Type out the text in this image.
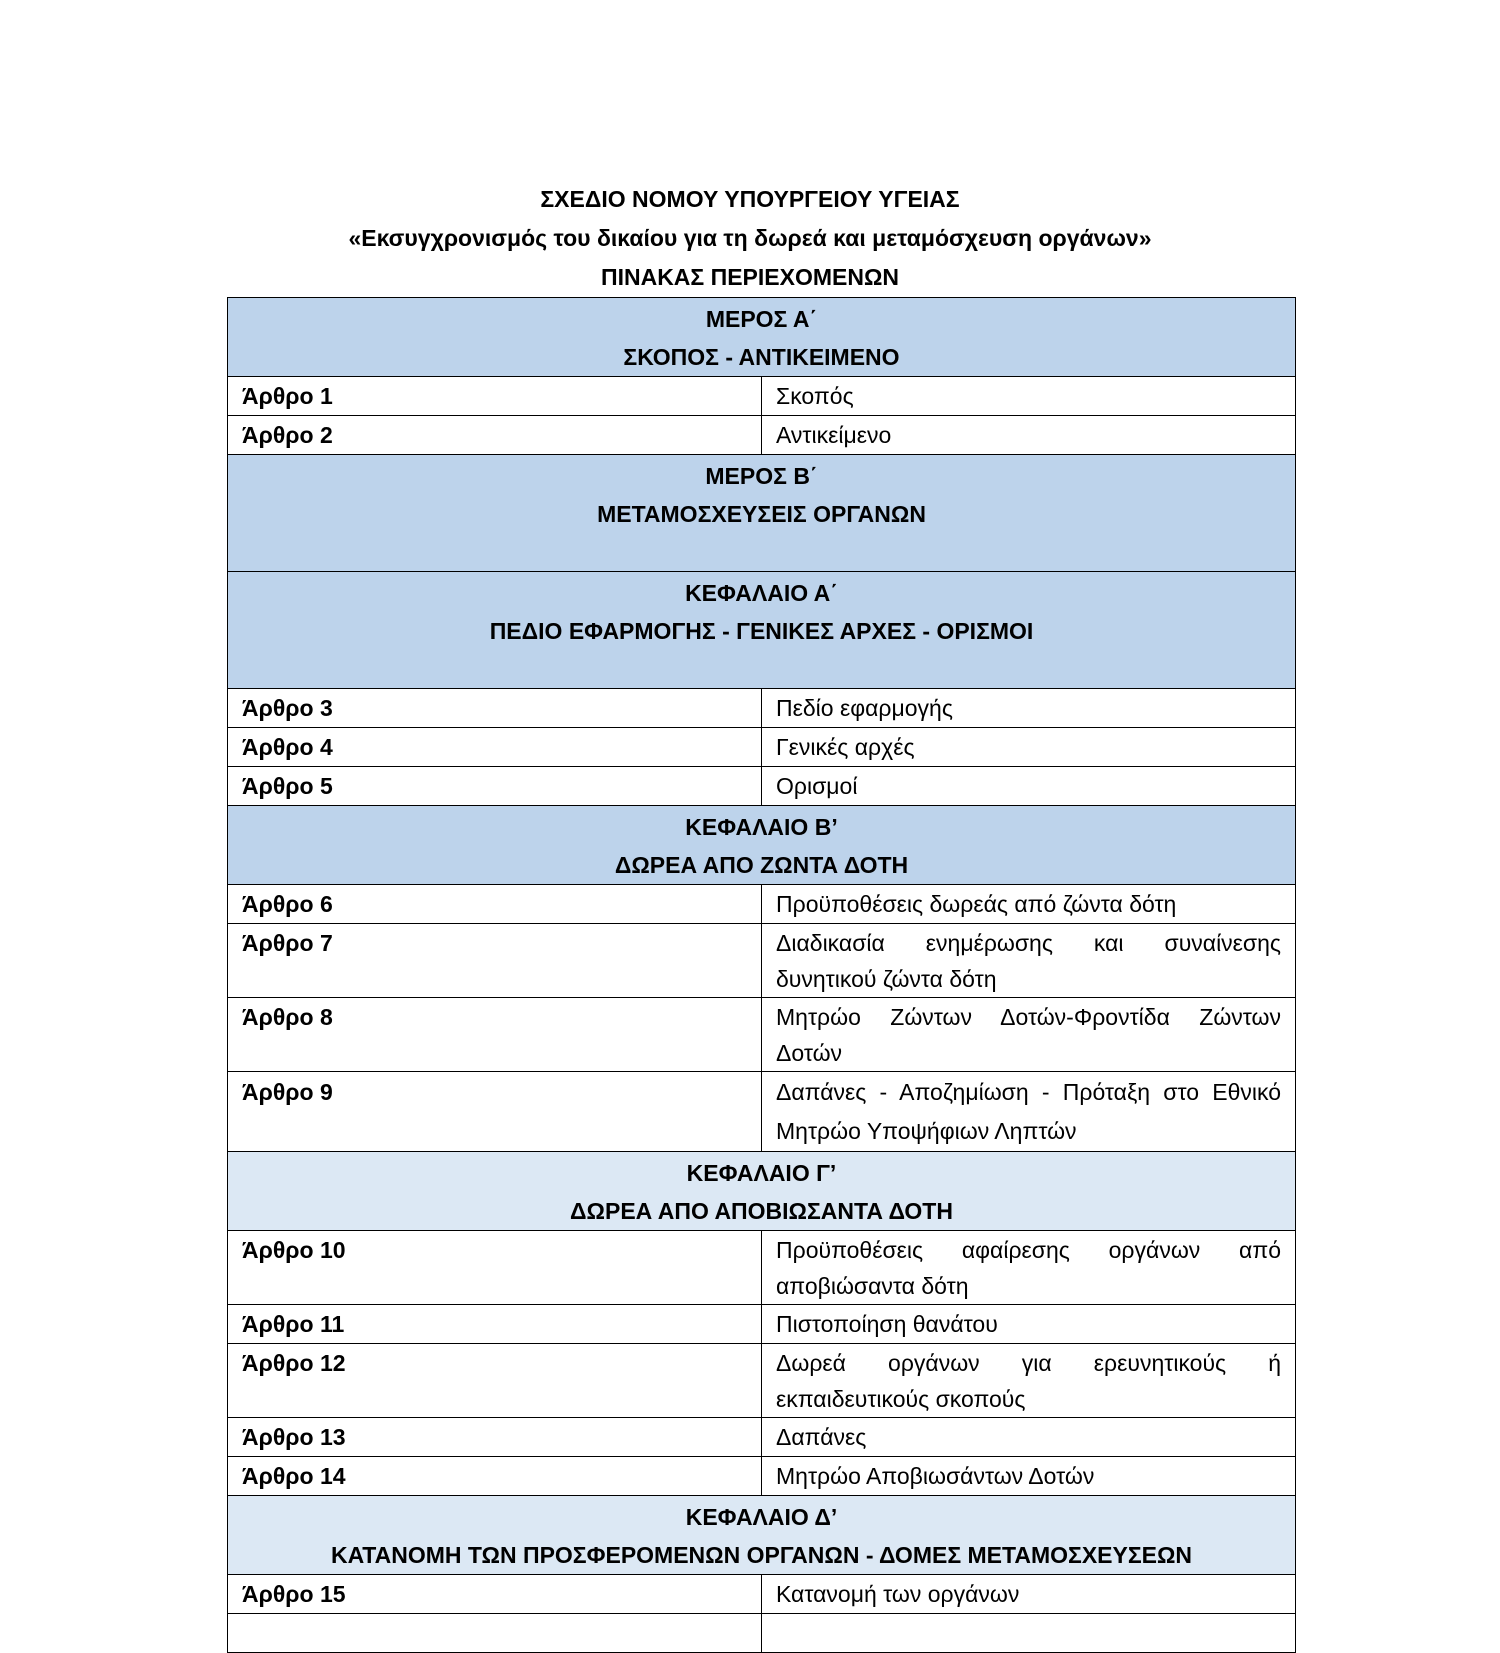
ΣΧΕΔΙΟ ΝΟΜΟΥ ΥΠΟΥΡΓΕΙΟΥ ΥΓΕΙΑΣ
«Εκσυγχρονισμός του δικαίου για τη δωρεά και μεταμόσχευση οργάνων»
ΠΙΝΑΚΑΣ ΠΕΡΙΕΧΟΜΕΝΩΝ
ΜΕΡΟΣ Α΄
ΣΚΟΠΟΣ - ΑΝΤΙΚΕΙΜΕΝΟ	

Άρθρο 1	Σκοπός
Άρθρο 2	Αντικείμενο

ΜΕΡΟΣ Β΄
ΜΕΤΑΜΟΣΧΕΥΣΕΙΣ ΟΡΓΑΝΩΝ	

ΚΕΦΑΛΑΙΟ Α΄
ΠΕΔΙΟ ΕΦΑΡΜΟΓΗΣ - ΓΕΝΙΚΕΣ ΑΡΧΕΣ - ΟΡΙΣΜΟΙ	

Άρθρο 3	Πεδίο εφαρμογής
Άρθρο 4	Γενικές αρχές
Άρθρο 5	Ορισμοί

ΚΕΦΑΛΑΙΟ Β’
ΔΩΡΕΑ ΑΠΟ ΖΩΝΤΑ ΔΟΤΗ	

Άρθρο 6	Προϋποθέσεις δωρεάς από ζώντα δότη
Άρθρο 7	Διαδικασία ενημέρωσης και συναίνεσης δυνητικού ζώντα δότη
Άρθρο 8	Μητρώο Ζώντων Δοτών-Φροντίδα Ζώντων Δοτών
Άρθρο 9	Δαπάνες - Αποζημίωση - Πρόταξη στο Εθνικό Μητρώο Υποψήφιων Ληπτών

ΚΕΦΑΛΑΙΟ Γ’
ΔΩΡΕΑ ΑΠΟ ΑΠΟΒΙΩΣΑΝΤΑ ΔΟΤΗ	

Άρθρο 10	Προϋποθέσεις αφαίρεσης οργάνων από αποβιώσαντα δότη
Άρθρο 11	Πιστοποίηση θανάτου
Άρθρο 12	Δωρεά οργάνων για ερευνητικούς ή εκπαιδευτικούς σκοπούς
Άρθρο 13	Δαπάνες
Άρθρο 14	Μητρώο Αποβιωσάντων Δοτών

ΚΕΦΑΛΑΙΟ Δ’
ΚΑΤΑΝΟΜΗ ΤΩΝ ΠΡΟΣΦΕΡΟΜΕΝΩΝ ΟΡΓΑΝΩΝ - ΔΟΜΕΣ ΜΕΤΑΜΟΣΧΕΥΣΕΩΝ	

Άρθρο 15	Κατανομή των οργάνων
